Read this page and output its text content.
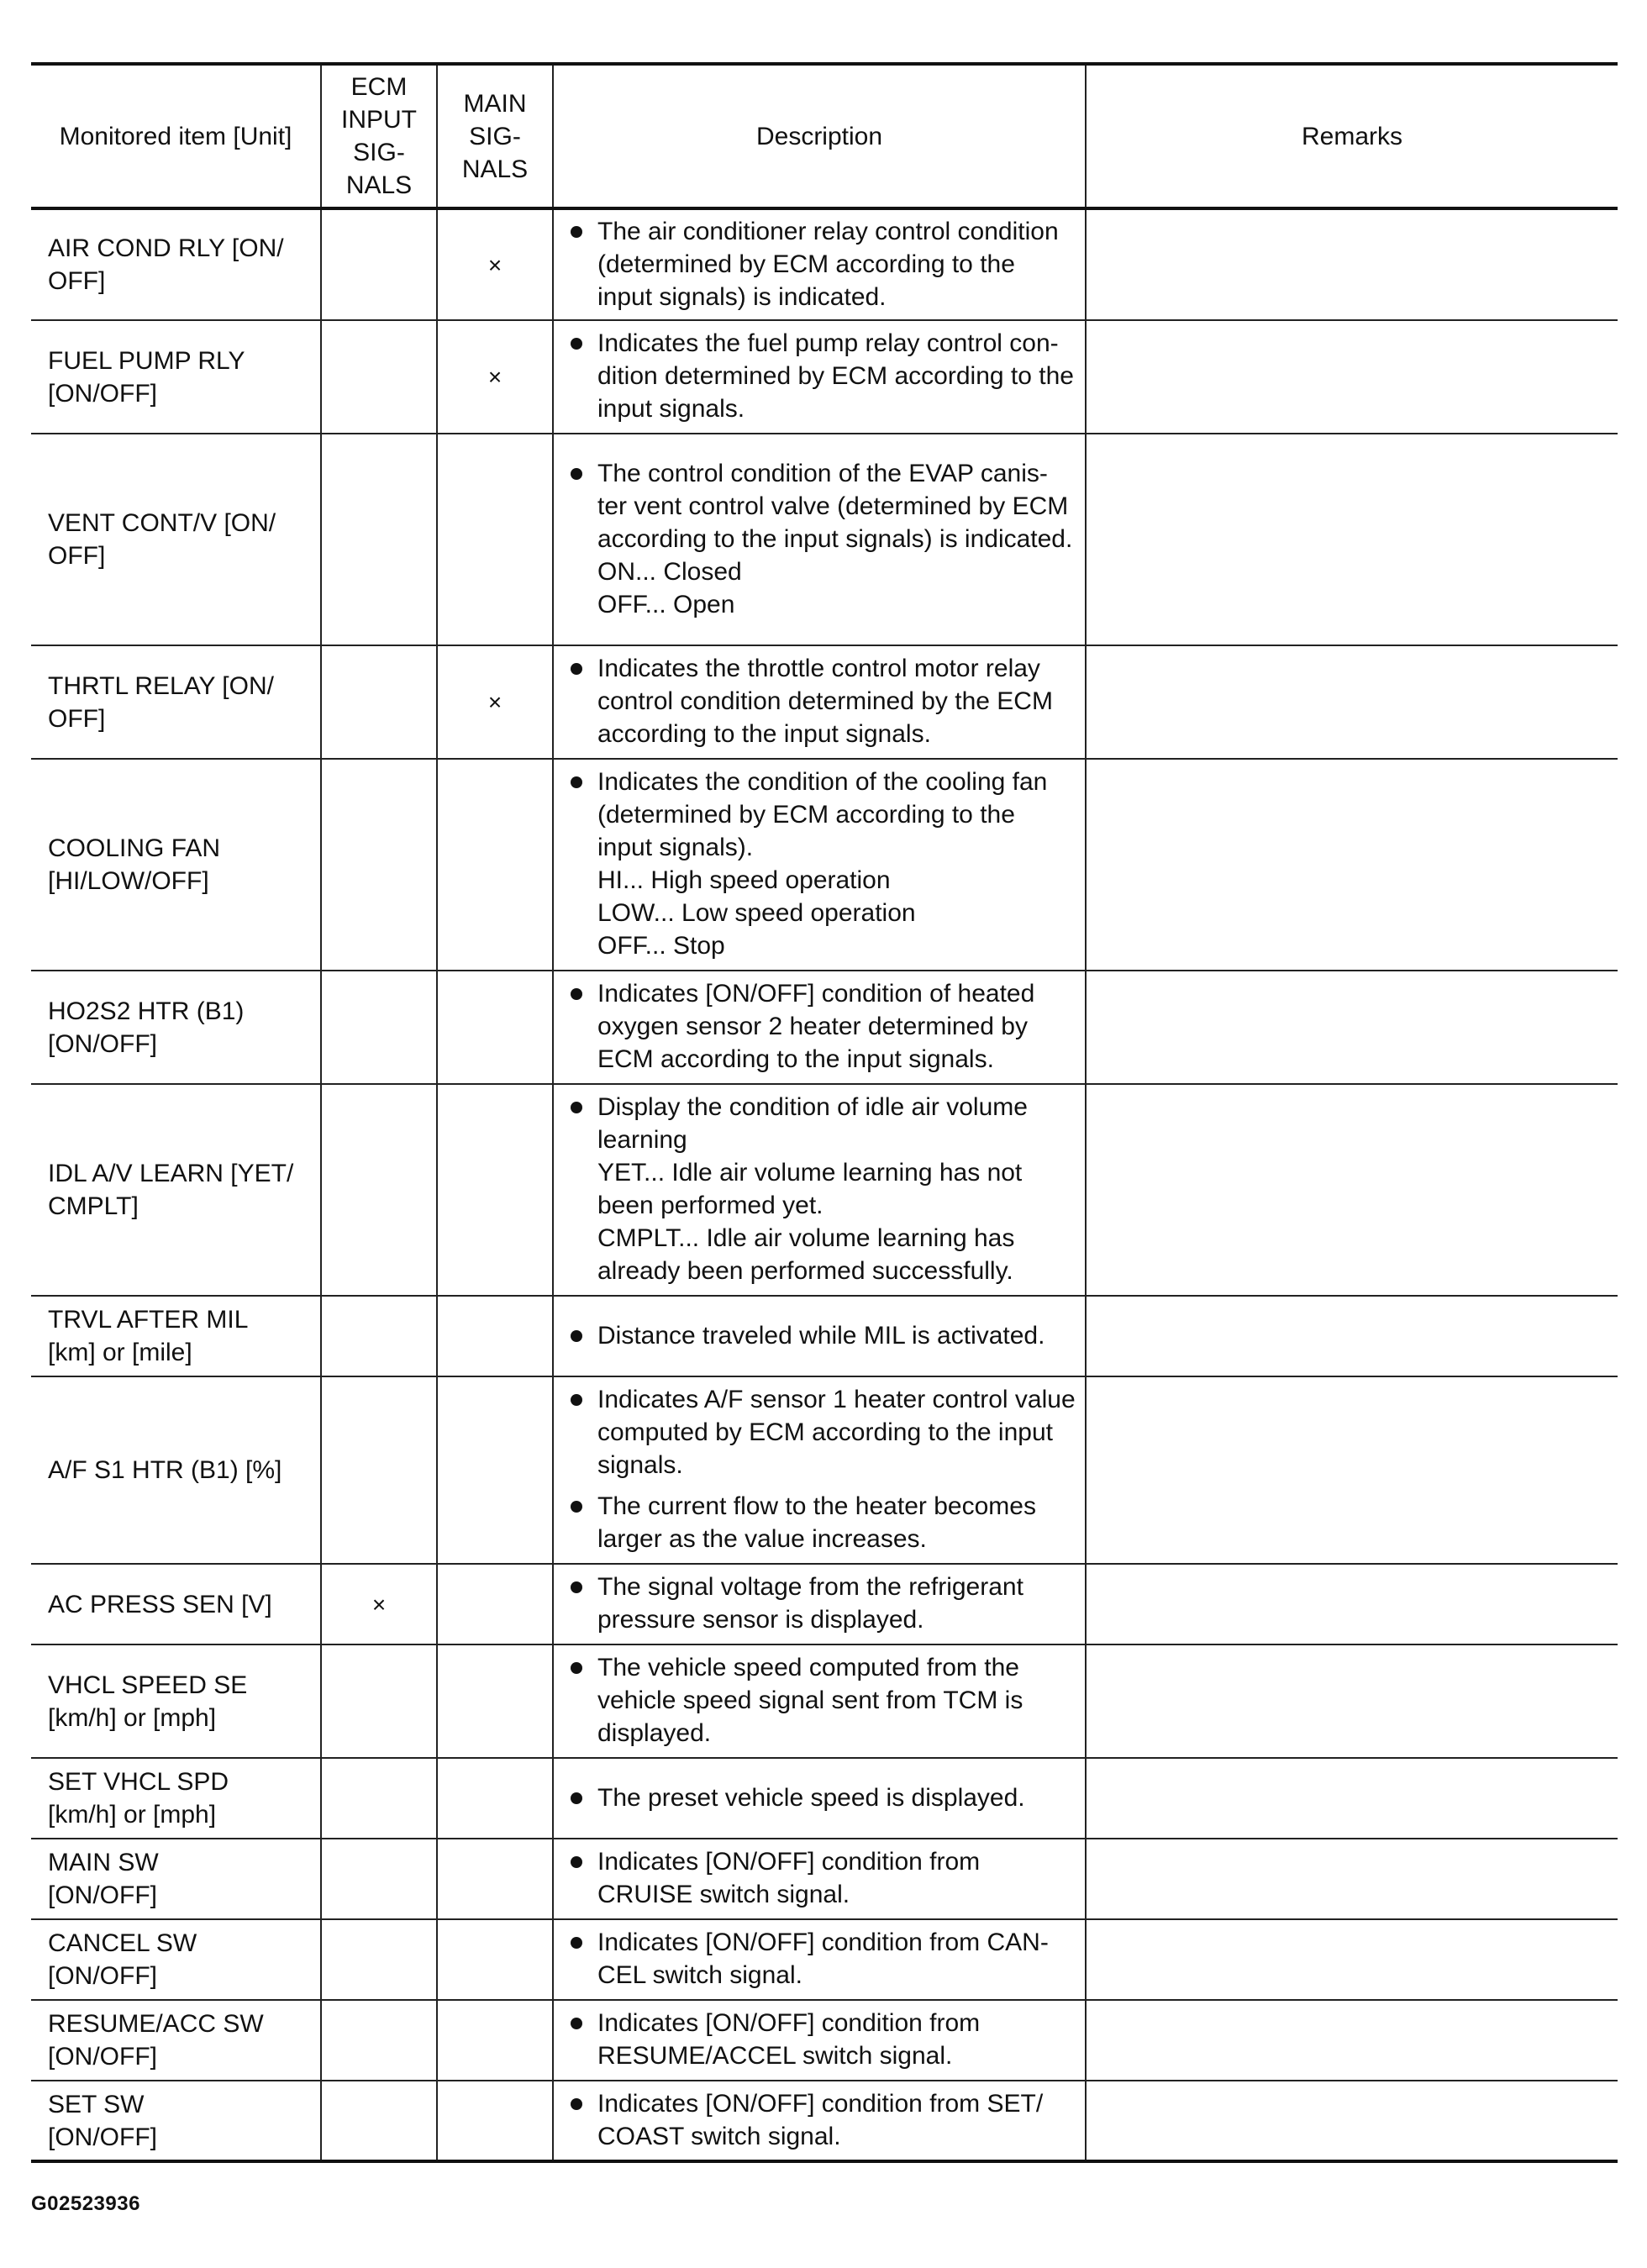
Monitored item [Unit]	ECM INPUT SIG-NALS	MAIN SIG-NALS	Description	Remarks
AIR COND RLY [ON/
OFF]		×	The air conditioner relay control condition (determined by ECM according to the input signals) is indicated.	

FUEL PUMP RLY
[ON/OFF]		×	Indicates the fuel pump relay control con-dition determined by ECM according to the input signals.	

VENT CONT/V [ON/
OFF]			The control condition of the EVAP canis-ter vent control valve (determined by ECM according to the input signals) is indicated.
ON... Closed
OFF... Open	

THRTL RELAY [ON/
OFF]		×	Indicates the throttle control motor relay control condition determined by the ECM according to the input signals.	

COOLING FAN
[HI/LOW/OFF]			Indicates the condition of the cooling fan (determined by ECM according to the input signals).
HI... High speed operation
LOW... Low speed operation
OFF... Stop	

HO2S2 HTR (B1)
[ON/OFF]			Indicates [ON/OFF] condition of heated oxygen sensor 2 heater determined by ECM according to the input signals.	

IDL A/V LEARN [YET/
CMPLT]			Display the condition of idle air volume learning
YET... Idle air volume learning has not been performed yet.
CMPLT... Idle air volume learning has already been performed successfully.	

TRVL AFTER MIL
[km] or [mile]			Distance traveled while MIL is activated.	

A/F S1 HTR (B1) [%]			Indicates A/F sensor 1 heater control value computed by ECM according to the input signals.
The current flow to the heater becomes larger as the value increases.	

AC PRESS SEN [V]	×		The signal voltage from the refrigerant pressure sensor is displayed.	

VHCL SPEED SE
[km/h] or [mph]			The vehicle speed computed from the vehicle speed signal sent from TCM is displayed.	

SET VHCL SPD
[km/h] or [mph]			The preset vehicle speed is displayed.	

MAIN SW
[ON/OFF]			Indicates [ON/OFF] condition from CRUISE switch signal.	

CANCEL SW
[ON/OFF]			Indicates [ON/OFF] condition from CAN-CEL switch signal.	

RESUME/ACC SW
[ON/OFF]			Indicates [ON/OFF] condition from RESUME/ACCEL switch signal.	

SET SW
[ON/OFF]			Indicates [ON/OFF] condition from SET/ COAST switch signal.	

G02523936
